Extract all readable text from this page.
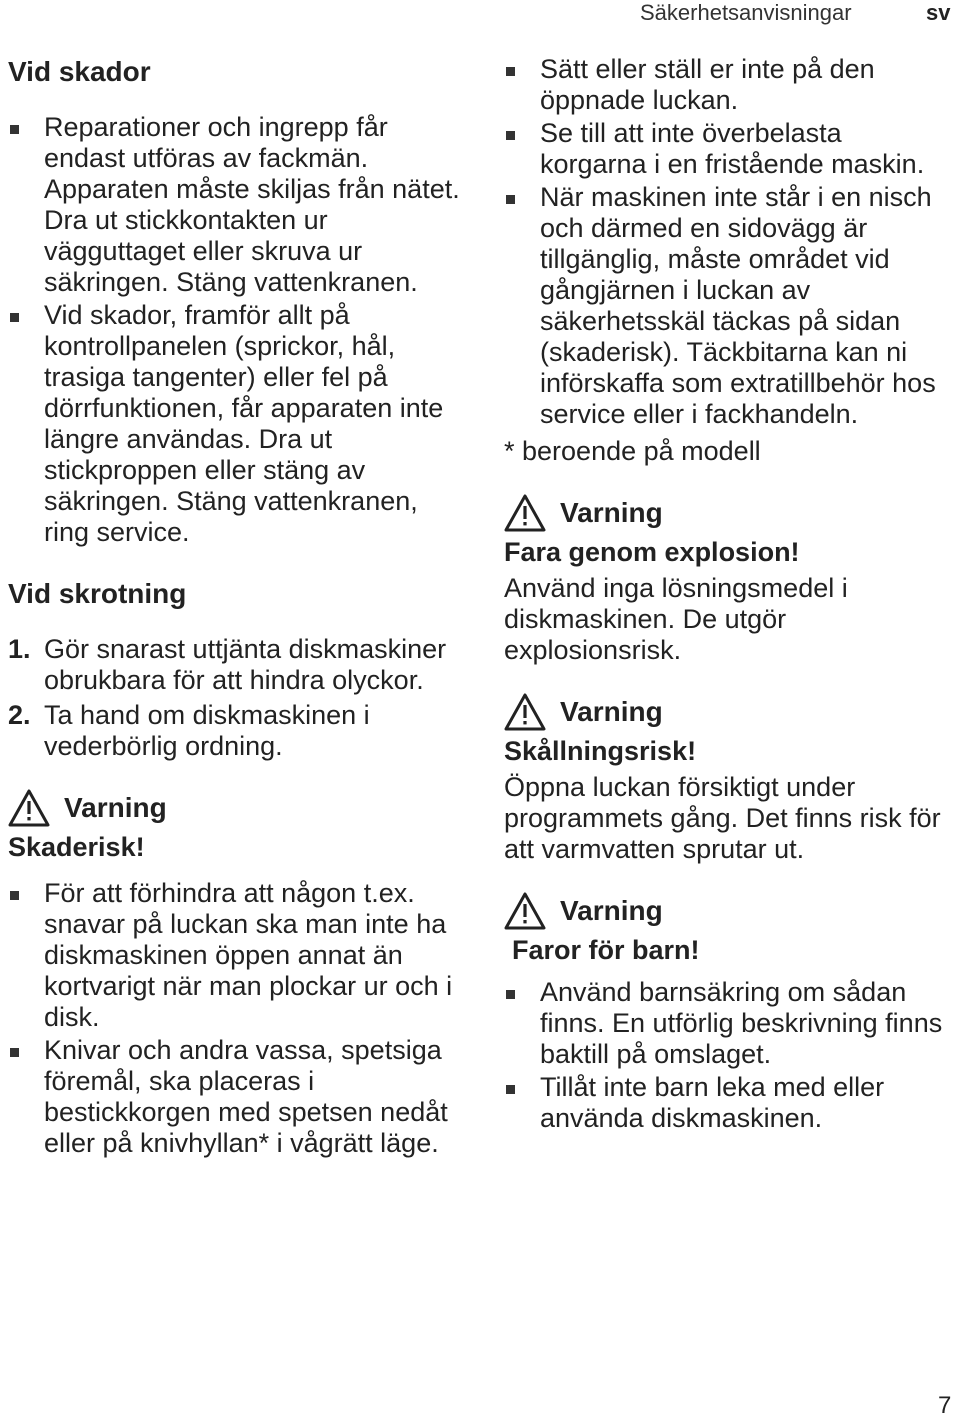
Säkerhetsanvisningar	sv
Vid skador
Reparationer och ingrepp får endast utföras av fackmän. Apparaten måste skiljas från nätet. Dra ut stickkontakten ur vägguttaget eller skruva ur säkringen. Stäng vattenkranen.
Vid skador, framför allt på kontrollpanelen (sprickor, hål, trasiga tangenter) eller fel på dörrfunktionen, får apparaten inte längre användas. Dra ut stickproppen eller stäng av säkringen. Stäng vattenkranen, ring service.
Vid skrotning
1. Gör snarast uttjänta diskmaskiner obrukbara för att hindra olyckor.
2. Ta hand om diskmaskinen i vederbörlig ordning.
Varning
Skaderisk!
För att förhindra att någon t.ex. snavar på luckan ska man inte ha diskmaskinen öppen annat än kortvarigt när man plockar ur och i disk.
Knivar och andra vassa, spetsiga föremål, ska placeras i bestickkorgen med spetsen nedåt eller på knivhyllan* i vågrätt läge.
Sätt eller ställ er inte på den öppnade luckan.
Se till att inte överbelasta korgarna i en fristående maskin.
När maskinen inte står i en nisch och därmed en sidovägg är tillgänglig, måste området vid gångjärnen i luckan av säkerhetsskäl täckas på sidan (skaderisk). Täckbitarna kan ni införskaffa som extratillbehör hos service eller i fackhandeln.

* beroende på modell

Varning
Fara genom explosion!

Använd inga lösningsmedel i diskmaskinen. De utgör explosionsrisk.

Varning
Skållningsrisk!

Öppna luckan försiktigt under programmets gång. Det finns risk för att varmvatten sprutar ut.

Varning
Faror för barn!
Använd barnsäkring om sådan finns. En utförlig beskrivning finns baktill på omslaget.
Tillåt inte barn leka med eller använda diskmaskinen.
7
